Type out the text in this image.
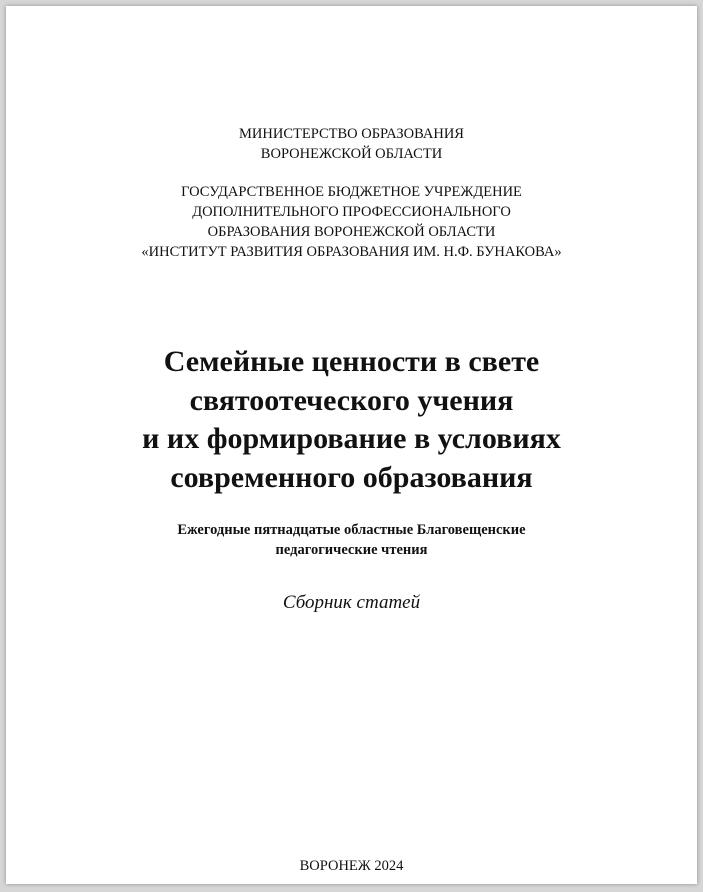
МИНИСТЕРСТВО ОБРАЗОВАНИЯ
ВОРОНЕЖСКОЙ ОБЛАСТИ
ГОСУДАРСТВЕННОЕ БЮДЖЕТНОЕ УЧРЕЖДЕНИЕ
ДОПОЛНИТЕЛЬНОГО ПРОФЕССИОНАЛЬНОГО
ОБРАЗОВАНИЯ ВОРОНЕЖСКОЙ ОБЛАСТИ
«ИНСТИТУТ РАЗВИТИЯ ОБРАЗОВАНИЯ ИМ. Н.Ф. БУНАКОВА»
Семейные ценности в свете
святоотеческого учения
и их формирование в условиях
современного образования
Ежегодные пятнадцатые областные Благовещенские
педагогические чтения
Сборник статей
ВОРОНЕЖ 2024
